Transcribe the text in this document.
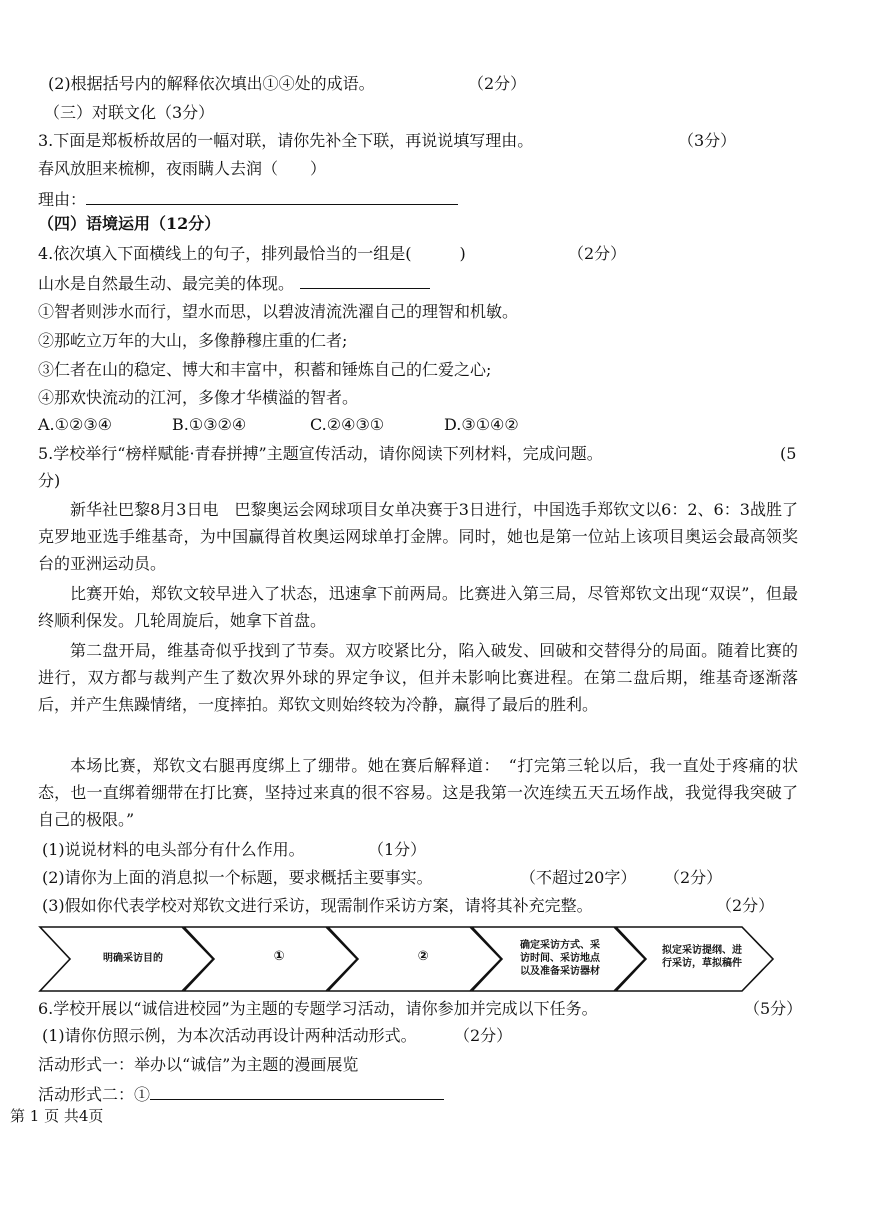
(2)根据括号内的解释依次填出①④处的成语。	（2分）
（三）对联文化（3分）
3.下面是郑板桥故居的一幅对联，请你先补全下联，再说说填写理由。	（3分）
春风放胆来梳柳，夜雨瞒人去润（　　）
理由：
（四）语境运用（12分）
4.依次填入下面横线上的句子，排列最恰当的一组是(　　　)	（2分）
山水是自然最生动、最完美的体现。
①智者则涉水而行，望水而思，以碧波清流洗濯自己的理智和机敏。
②那屹立万年的大山，多像静穆庄重的仁者;
③仁者在山的稳定、博大和丰富中，积蓄和锤炼自己的仁爱之心;
④那欢快流动的江河，多像才华横溢的智者。
A.①②③④	B.①③②④	C.②④③①	D.③①④②
5.学校举行“榜样赋能·青春拼搏”主题宣传活动，请你阅读下列材料，完成问题。	(5
分)
新华社巴黎8月3日电　巴黎奥运会网球项目女单决赛于3日进行，中国选手郑钦文以6：2、6：3战胜了克罗地亚选手维基奇，为中国赢得首枚奥运网球单打金牌。同时，她也是第一位站上该项目奥运会最高领奖台的亚洲运动员。
比赛开始，郑钦文较早进入了状态，迅速拿下前两局。比赛进入第三局，尽管郑钦文出现“双误”，但最终顺利保发。几轮周旋后，她拿下首盘。
第二盘开局，维基奇似乎找到了节奏。双方咬紧比分，陷入破发、回破和交替得分的局面。随着比赛的进行，双方都与裁判产生了数次界外球的界定争议，但并未影响比赛进程。在第二盘后期，维基奇逐渐落后，并产生焦躁情绪，一度摔拍。郑钦文则始终较为冷静，赢得了最后的胜利。
本场比赛，郑钦文右腿再度绑上了绷带。她在赛后解释道：　“打完第三轮以后，我一直处于疼痛的状态，也一直绑着绷带在打比赛，坚持过来真的很不容易。这是我第一次连续五天五场作战，我觉得我突破了自己的极限。”
(1)说说材料的电头部分有什么作用。	（1分）
(2)请你为上面的消息拟一个标题，要求概括主要事实。	（不超过20字） （2分）
(3)假如你代表学校对郑钦文进行采访，现需制作采访方案，请将其补充完整。	（2分）
明确采访目的	①	②
确定采访方式、采
访时间、采访地点
以及准备采访器材
拟定采访提纲、进
行采访，草拟稿件
6.学校开展以“诚信进校园”为主题的专题学习活动，请你参加并完成以下任务。	（5分）
(1)请你仿照示例，为本次活动再设计两种活动形式。 （2分）
活动形式一：举办以“诚信”为主题的漫画展览
活动形式二：①
第 1 页 共4页
